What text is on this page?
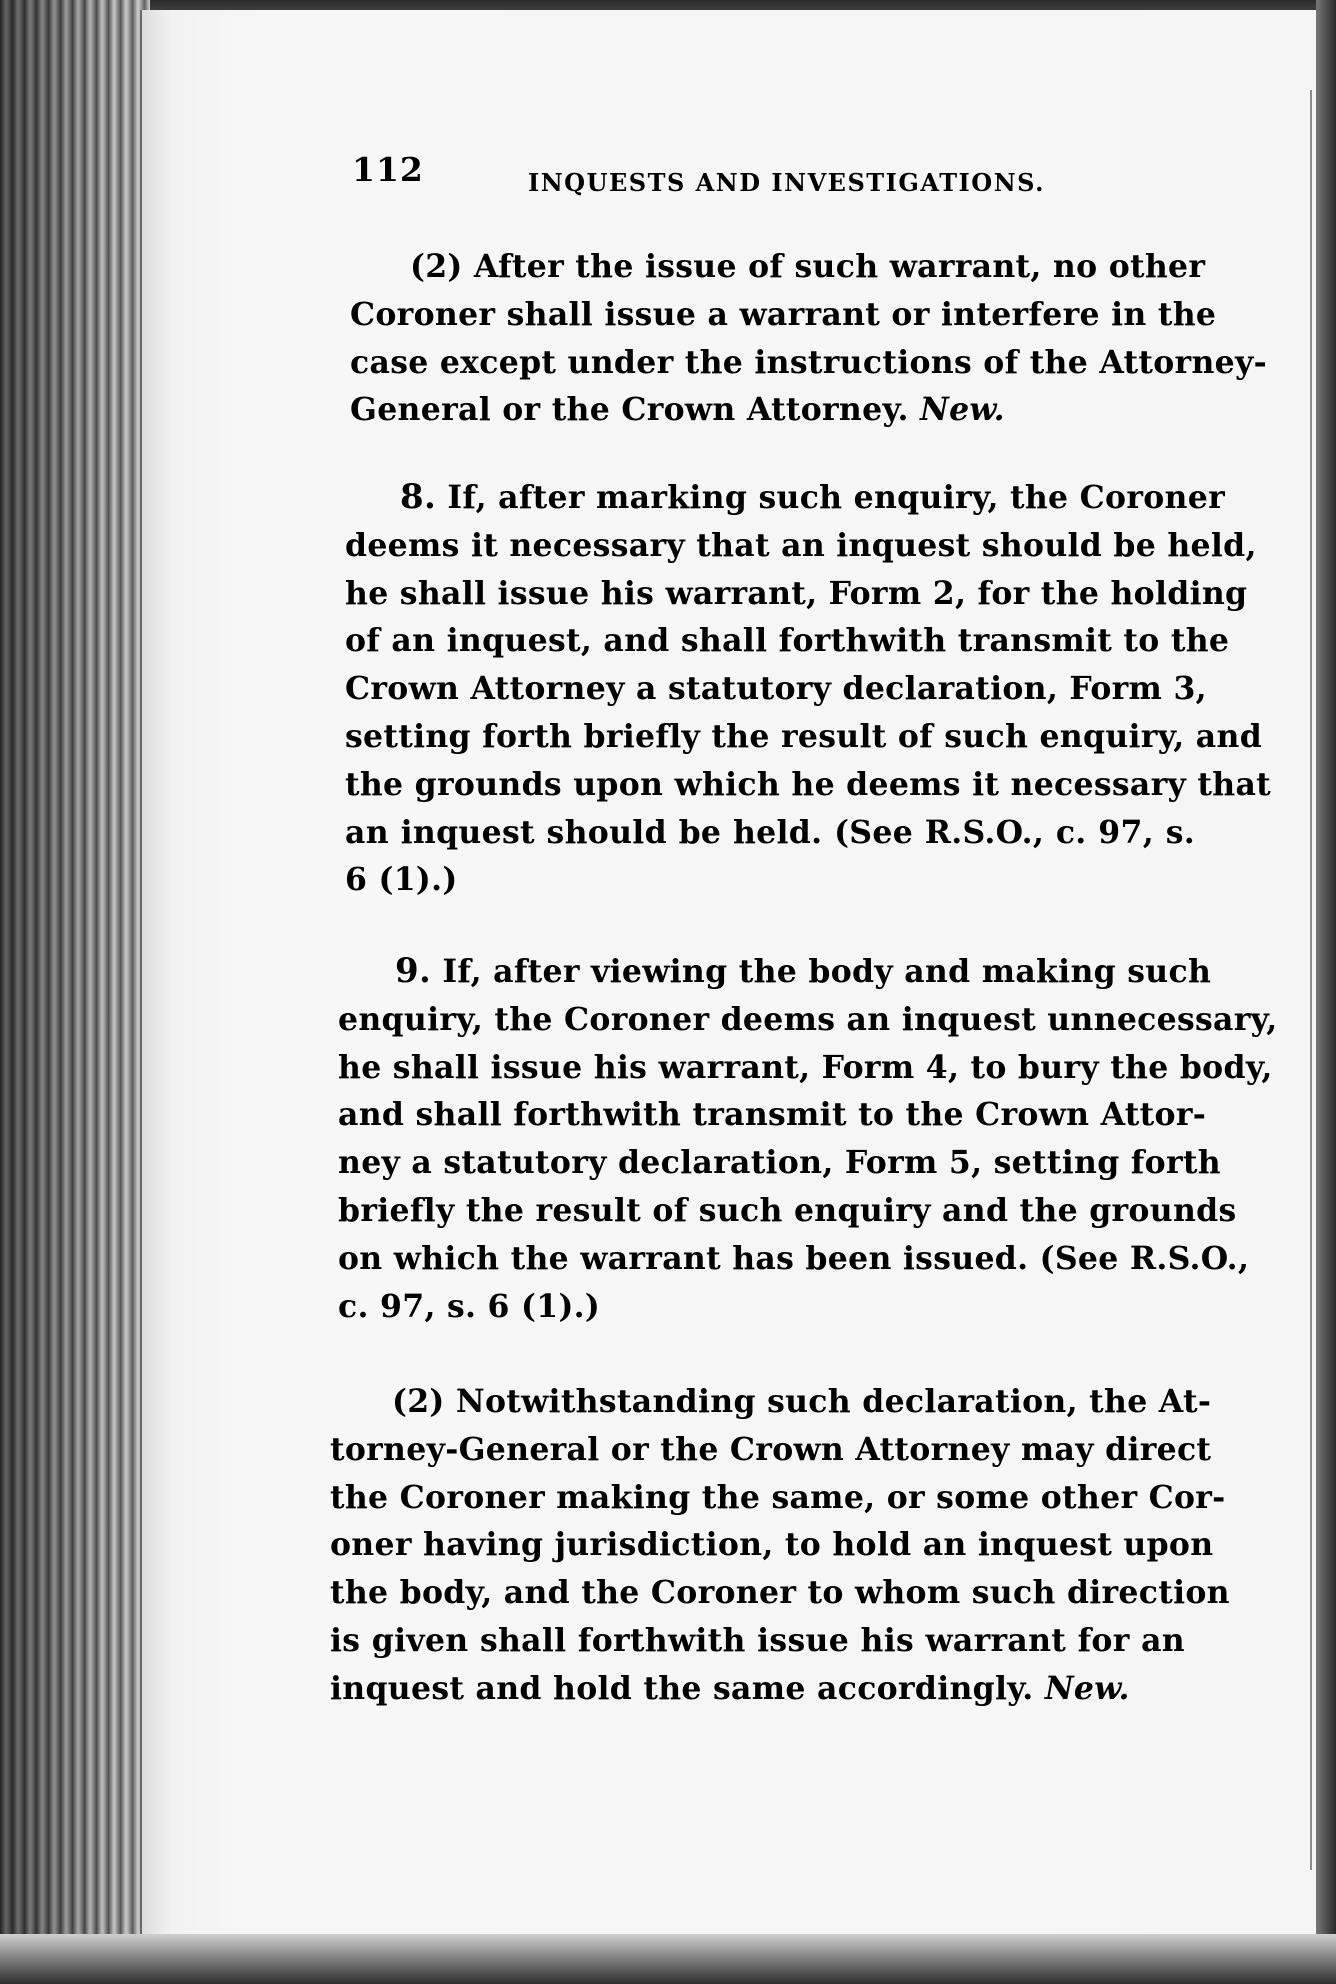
112	INQUESTS AND INVESTIGATIONS.
(2) After the issue of such warrant, no other
Coroner shall issue a warrant or interfere in the
case except under the instructions of the Attorney-
General or the Crown Attorney. New.
8. If, after marking such enquiry, the Coroner
deems it necessary that an inquest should be held,
he shall issue his warrant, Form 2, for the holding
of an inquest, and shall forthwith transmit to the
Crown Attorney a statutory declaration, Form 3,
setting forth briefly the result of such enquiry, and
the grounds upon which he deems it necessary that
an inquest should be held. (See R.S.O., c. 97, s.
6 (1).)
9. If, after viewing the body and making such
enquiry, the Coroner deems an inquest unnecessary,
he shall issue his warrant, Form 4, to bury the body,
and shall forthwith transmit to the Crown Attor-
ney a statutory declaration, Form 5, setting forth
briefly the result of such enquiry and the grounds
on which the warrant has been issued. (See R.S.O.,
c. 97, s. 6 (1).)
(2) Notwithstanding such declaration, the At-
torney-General or the Crown Attorney may direct
the Coroner making the same, or some other Cor-
oner having jurisdiction, to hold an inquest upon
the body, and the Coroner to whom such direction
is given shall forthwith issue his warrant for an
inquest and hold the same accordingly. New.
